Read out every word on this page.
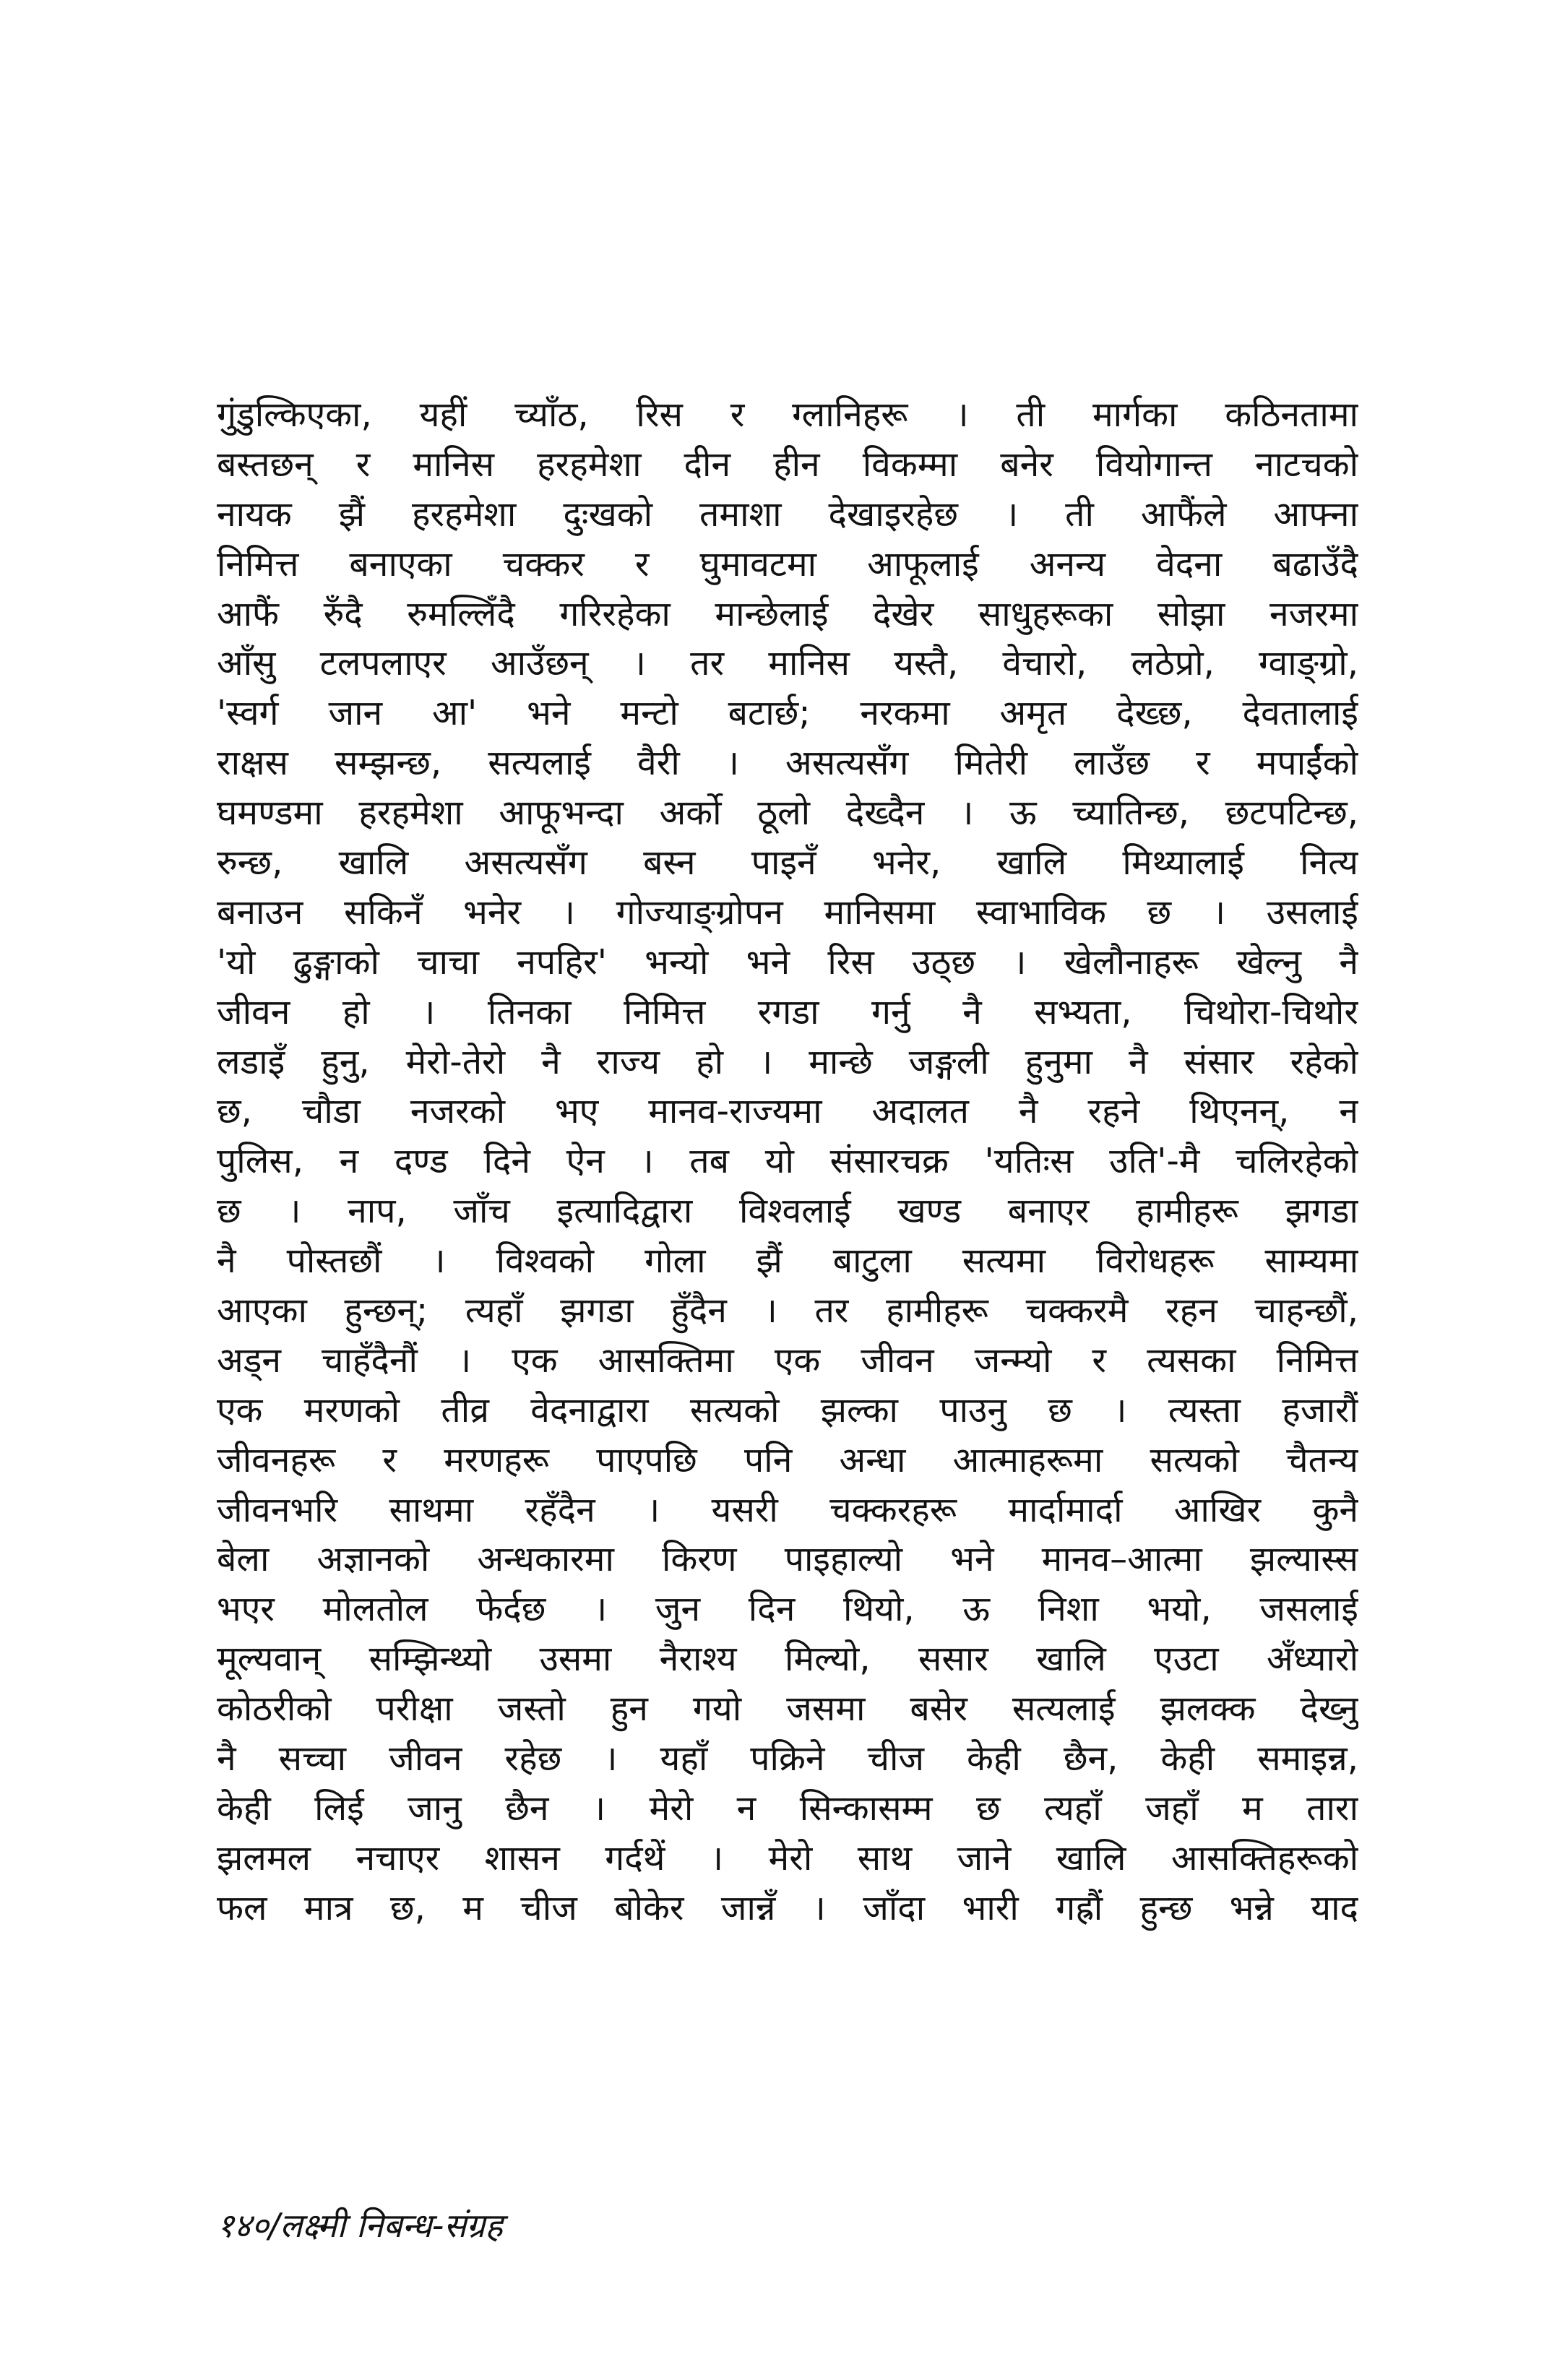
गुंडुल्किएका, यहीं च्याँठ, रिस र ग्लानिहरू । ती मार्गका कठिनतामा
बस्तछन् र मानिस हरहमेशा दीन हीन विकम्मा बनेर वियोगान्त नाटचको
नायक झैं हरहमेशा दुःखको तमाशा देखाइरहेछ । ती आफैंले आफ्ना
निमित्त बनाएका चक्कर र घुमावटमा आफूलाई अनन्य वेदना बढाउँदै
आफैं रुँदै रुमल्लिँदै गरिरहेका मान्छेलाई देखेर साधुहरूका सोझा नजरमा
आँसु टलपलाएर आउँछन् । तर मानिस यस्तै, वेचारो, लठेप्रो, ग्वाङ्ग्रो,
'स्वर्ग जान आ' भने मन्टो बटार्छ; नरकमा अमृत देख्छ, देवतालाई
राक्षस सम्झन्छ, सत्यलाई वैरी । असत्यसँग मितेरी लाउँछ र मपाईंको
घमण्डमा हरहमेशा आफूभन्दा अर्को ठूलो देख्दैन । ऊ च्यातिन्छ, छटपटिन्छ,
रुन्छ, खालि असत्यसँग बस्न पाइनँ भनेर, खालि मिथ्यालाई नित्य
बनाउन सकिनँ भनेर । गोज्याङ्ग्रोपन मानिसमा स्वाभाविक छ । उसलाई
'यो ढुङ्गाको चाचा नपहिर' भन्यो भने रिस उठ्छ । खेलौनाहरू खेल्नु नै
जीवन हो । तिनका निमित्त रगडा गर्नु नै सभ्यता, चिथोरा-चिथोर
लडाइँ हुनु, मेरो-तेरो नै राज्य हो । मान्छे जङ्गली हुनुमा नै संसार रहेको
छ, चौडा नजरको भए मानव-राज्यमा अदालत नै रहने थिएनन्, न
पुलिस, न दण्ड दिने ऐन । तब यो संसारचक्र 'यतिःस उति'-मै चलिरहेको
छ । नाप, जाँच इत्यादिद्वारा विश्वलाई खण्ड बनाएर हामीहरू झगडा
नै पोस्तछौं । विश्वको गोला झैं बाटुला सत्यमा विरोधहरू साम्यमा
आएका हुन्छन्; त्यहाँ झगडा हुँदैन । तर हामीहरू चक्करमै रहन चाहन्छौं,
अड्न चाहँदैनौं । एक आसक्तिमा एक जीवन जन्म्यो र त्यसका निमित्त
एक मरणको तीव्र वेदनाद्वारा सत्यको झल्का पाउनु छ । त्यस्ता हजारौं
जीवनहरू र मरणहरू पाएपछि पनि अन्धा आत्माहरूमा सत्यको चैतन्य
जीवनभरि साथमा रहँदैन । यसरी चक्करहरू मार्दामार्दा आखिर कुनै
बेला अज्ञानको अन्धकारमा किरण पाइहाल्यो भने मानव–आत्मा झल्यास्स
भएर मोलतोल फेर्दछ । जुन दिन थियो, ऊ निशा भयो, जसलाई
मूल्यवान् सम्झिन्थ्यो उसमा नैराश्य मिल्यो, ससार खालि एउटा अँध्यारो
कोठरीको परीक्षा जस्तो हुन गयो जसमा बसेर सत्यलाई झलक्क देख्नु
नै सच्चा जीवन रहेछ । यहाँ पक्रिने चीज केही छैन, केही समाइन्न,
केही लिई जानु छैन । मेरो न सिन्कासम्म छ त्यहाँ जहाँ म तारा
झलमल नचाएर शासन गर्दथें । मेरो साथ जाने खालि आसक्तिहरूको
फल मात्र छ, म चीज बोकेर जान्नँ । जाँदा भारी गह्रौं हुन्छ भन्ने याद
१४०/लक्ष्मी निबन्ध-संग्रह
